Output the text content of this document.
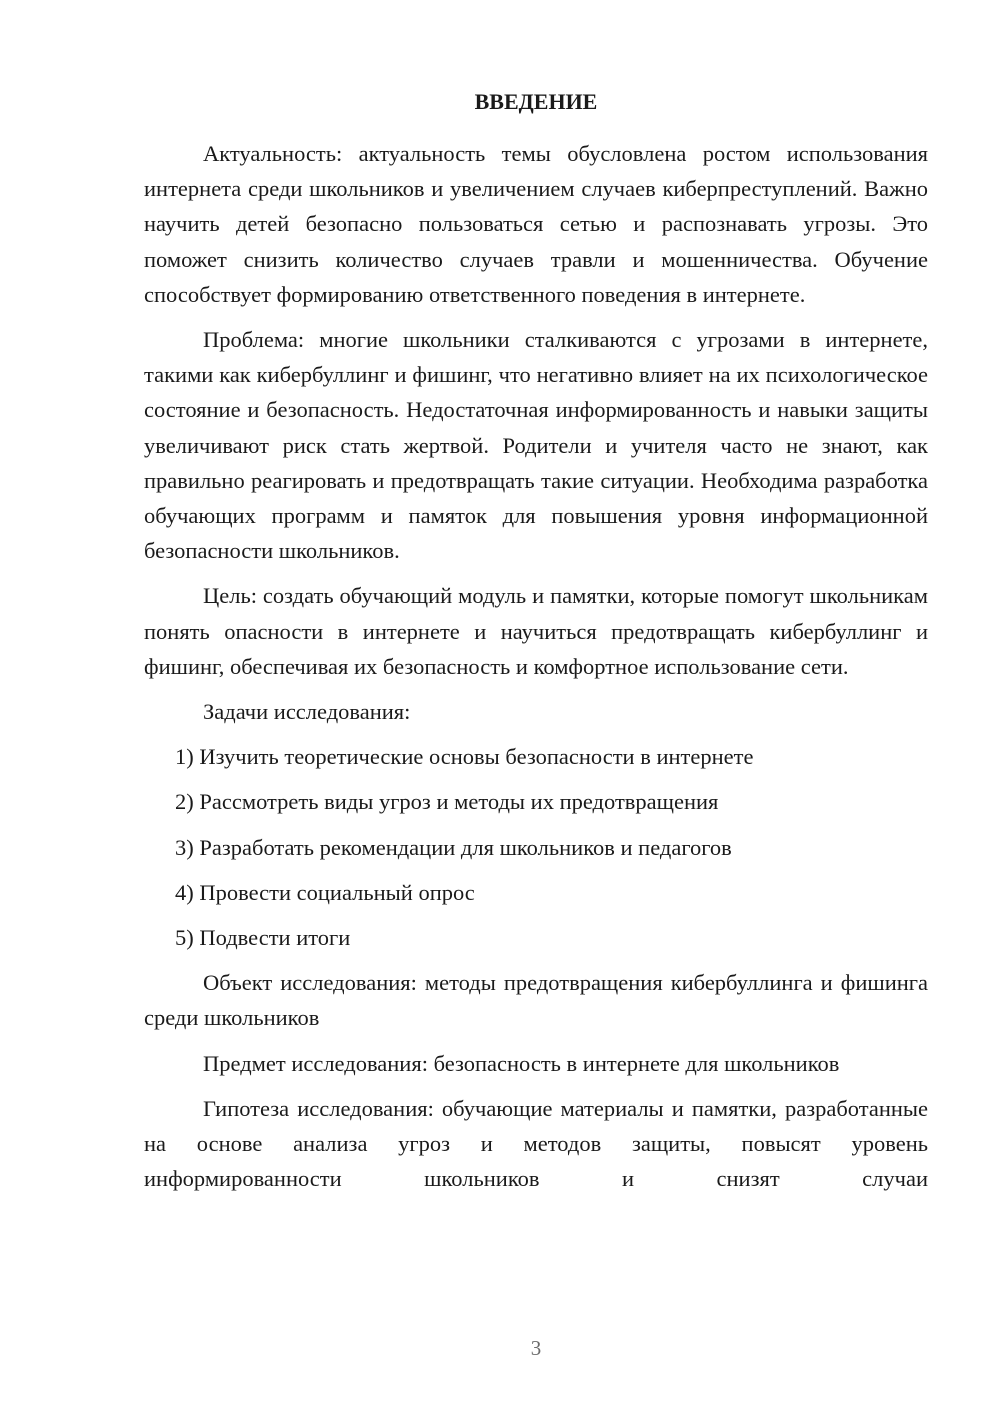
ВВЕДЕНИЕ

Актуальность: актуальность темы обусловлена ростом использования интернета среди школьников и увеличением случаев киберпреступлений. Важно научить детей безопасно пользоваться сетью и распознавать угрозы. Это поможет снизить количество случаев травли и мошенничества. Обучение способствует формированию ответственного поведения в интернете.

Проблема: многие школьники сталкиваются с угрозами в интернете, такими как кибербуллинг и фишинг, что негативно влияет на их психологическое состояние и безопасность. Недостаточная информированность и навыки защиты увеличивают риск стать жертвой. Родители и учителя часто не знают, как правильно реагировать и предотвращать такие ситуации. Необходима разработка обучающих программ и памяток для повышения уровня информационной безопасности школьников.

Цель: создать обучающий модуль и памятки, которые помогут школьникам понять опасности в интернете и научиться предотвращать кибербуллинг и фишинг, обеспечивая их безопасность и комфортное использование сети.

Задачи исследования:

1) Изучить теоретические основы безопасности в интернете
2) Рассмотреть виды угроз и методы их предотвращения
3) Разработать рекомендации для школьников и педагогов
4) Провести социальный опрос
5) Подвести итоги

Объект исследования: методы предотвращения кибербуллинга и фишинга среди школьников

Предмет исследования: безопасность в интернете для школьников

Гипотеза исследования: обучающие материалы и памятки, разработанные на основе анализа угроз и методов защиты, повысят уровень информированности школьников и снизят случаи

3
